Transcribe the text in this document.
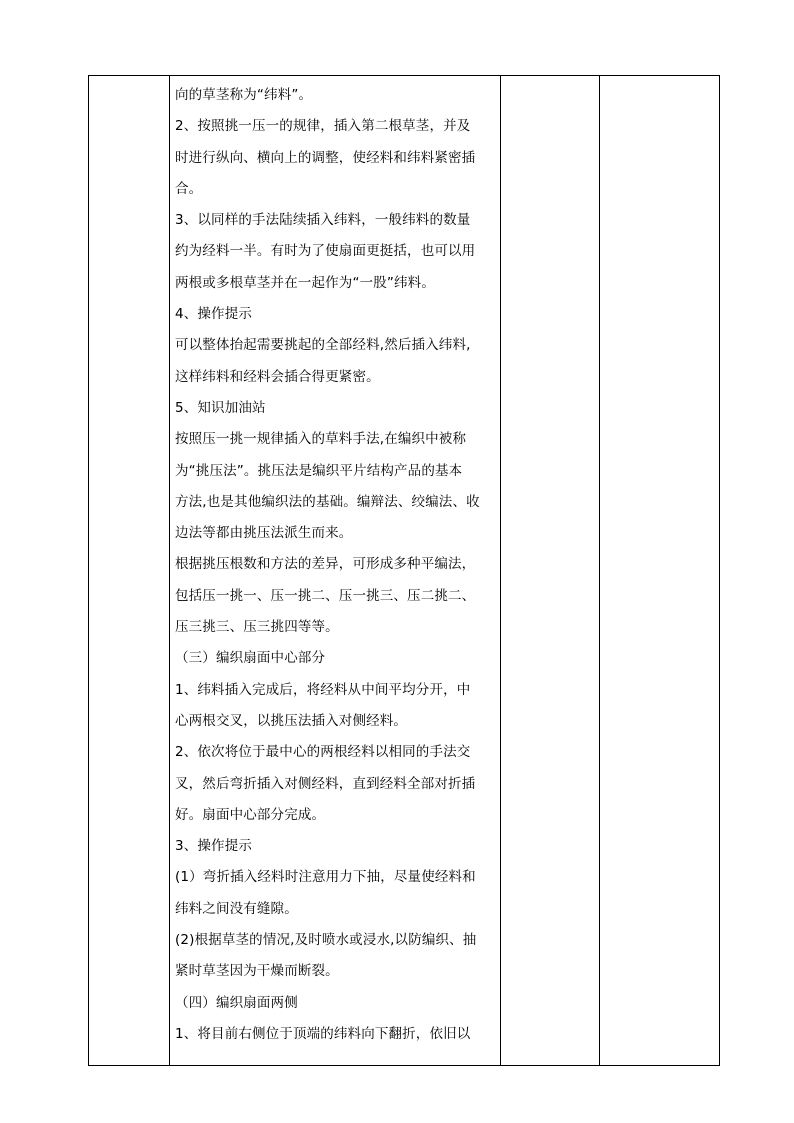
向的草茎称为“纬料”。

2、按照挑一压一的规律，插入第二根草茎，并及

时进行纵向、横向上的调整，使经料和纬料紧密插

合。

3、以同样的手法陆续插入纬料，一般纬料的数量

约为经料一半。有时为了使扇面更挺括，也可以用

两根或多根草茎并在一起作为“一股”纬料。

4、操作提示

可以整体抬起需要挑起的全部经料,然后插入纬料,

这样纬料和经料会插合得更紧密。

5、知识加油站

按照压一挑一规律插入的草料手法,在编织中被称

为“挑压法”。挑压法是编织平片结构产品的基本

方法,也是其他编织法的基础。编辩法、绞编法、收

边法等都由挑压法派生而来。

根据挑压根数和方法的差异，可形成多种平编法，

包括压一挑一、压一挑二、压一挑三、压二挑二、

压三挑三、压三挑四等等。

（三）编织扇面中心部分

1、纬料插入完成后，将经料从中间平均分开，中

心两根交叉，以挑压法插入对侧经料。

2、依次将位于最中心的两根经料以相同的手法交

叉，然后弯折插入对侧经料，直到经料全部对折插

好。扇面中心部分完成。

3、操作提示

(1）弯折插入经料时注意用力下抽，尽量使经料和

纬料之间没有缝隙。

(2)根据草茎的情况,及时喷水或浸水,以防编织、抽

紧时草茎因为干燥而断裂。

（四）编织扇面两侧

1、将目前右侧位于顶端的纬料向下翻折，依旧以
